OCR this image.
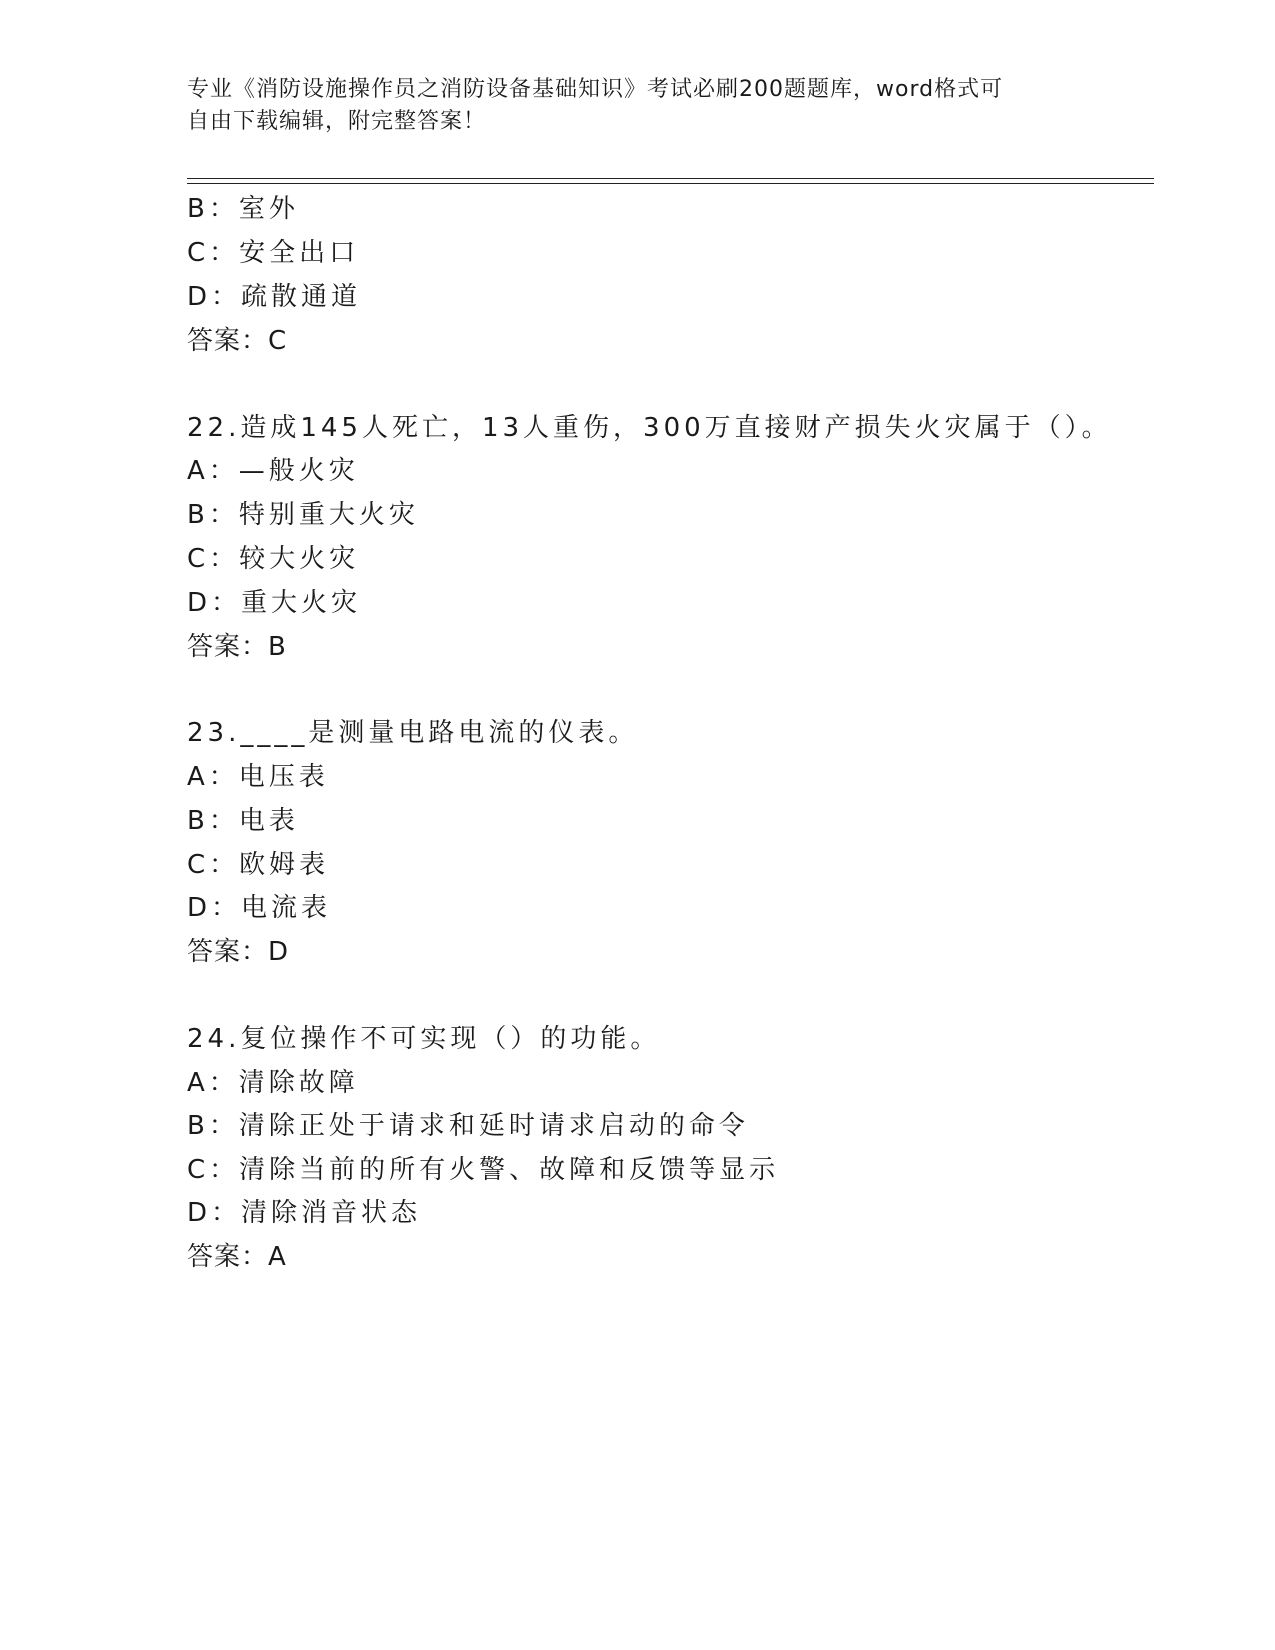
专业《消防设施操作员之消防设备基础知识》考试必刷200题题库，word格式可
自由下载编辑，附完整答案！
B：室外
C：安全出口
D：疏散通道
答案：C
22.造成145人死亡，13人重伤，300万直接财产损失火灾属于（）。
A：—般火灾
B：特别重大火灾
C：较大火灾
D：重大火灾
答案：B
23.____是测量电路电流的仪表。
A：电压表
B：电表
C：欧姆表
D：电流表
答案：D
24.复位操作不可实现（）的功能。
A：清除故障
B：清除正处于请求和延时请求启动的命令
C：清除当前的所有火警、故障和反馈等显示
D：清除消音状态
答案：A
